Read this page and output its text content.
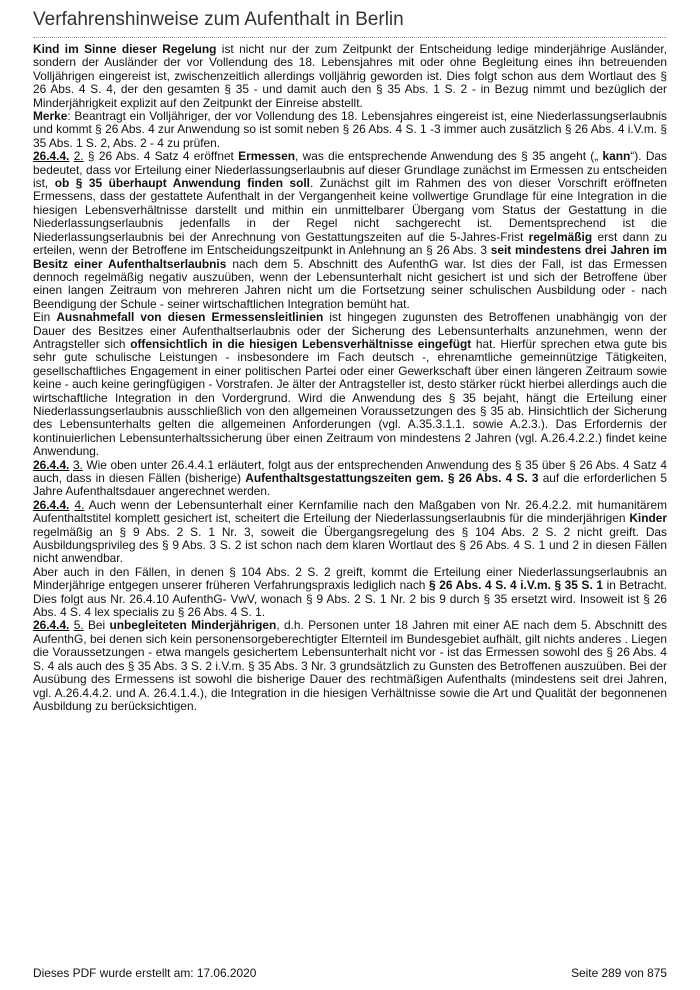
Verfahrenshinweise zum Aufenthalt in Berlin

Kind im Sinne dieser Regelung ist nicht nur der zum Zeitpunkt der Entscheidung ledige minderjährige Ausländer, sondern der Ausländer der vor Vollendung des 18. Lebensjahres mit oder ohne Begleitung eines ihn betreuenden Volljährigen eingereist ist, zwischenzeitlich allerdings volljährig geworden ist. Dies folgt schon aus dem Wortlaut des § 26 Abs. 4 S. 4, der den gesamten § 35 - und damit auch den § 35 Abs. 1 S. 2 - in Bezug nimmt und bezüglich der Minderjährigkeit explizit auf den Zeitpunkt der Einreise abstellt.

Merke: Beantragt ein Volljähriger, der vor Vollendung des 18. Lebensjahres eingereist ist, eine Niederlassungserlaubnis und kommt § 26 Abs. 4 zur Anwendung so ist somit neben § 26 Abs. 4 S. 1 -3 immer auch zusätzlich § 26 Abs. 4 i.V.m. § 35 Abs. 1 S. 2, Abs. 2 - 4 zu prüfen.

26.4.4. 2. § 26 Abs. 4 Satz 4 eröffnet Ermessen, was die entsprechende Anwendung des § 35 angeht („ kann“). Das bedeutet, dass vor Erteilung einer Niederlassungserlaubnis auf dieser Grundlage zunächst im Ermessen zu entscheiden ist, ob § 35 überhaupt Anwendung finden soll. Zunächst gilt im Rahmen des von dieser Vorschrift eröffneten Ermessens, dass der gestattete Aufenthalt in der Vergangenheit keine vollwertige Grundlage für eine Integration in die hiesigen Lebensverhältnisse darstellt und mithin ein unmittelbarer Übergang vom Status der Gestattung in die Niederlassungserlaubnis jedenfalls in der Regel nicht sachgerecht ist. Dementsprechend ist die Niederlassungserlaubnis bei der Anrechnung von Gestattungszeiten auf die 5-Jahres-Frist regelmäßig erst dann zu erteilen, wenn der Betroffene im Entscheidungszeitpunkt in Anlehnung an § 26 Abs. 3 seit mindestens drei Jahren im Besitz einer Aufenthaltserlaubnis nach dem 5. Abschnitt des AufenthG war. Ist dies der Fall, ist das Ermessen dennoch regelmäßig negativ auszuüben, wenn der Lebensunterhalt nicht gesichert ist und sich der Betroffene über einen langen Zeitraum von mehreren Jahren nicht um die Fortsetzung seiner schulischen Ausbildung oder - nach Beendigung der Schule - seiner wirtschaftlichen Integration bemüht hat.

Ein Ausnahmefall von diesen Ermessensleitlinien ist hingegen zugunsten des Betroffenen unabhängig von der Dauer des Besitzes einer Aufenthaltserlaubnis oder der Sicherung des Lebensunterhalts anzunehmen, wenn der Antragsteller sich offensichtlich in die hiesigen Lebensverhältnisse eingefügt hat. Hierfür sprechen etwa gute bis sehr gute schulische Leistungen - insbesondere im Fach deutsch -, ehrenamtliche gemeinnützige Tätigkeiten, gesellschaftliches Engagement in einer politischen Partei oder einer Gewerkschaft über einen längeren Zeitraum sowie keine - auch keine geringfügigen - Vorstrafen. Je älter der Antragsteller ist, desto stärker rückt hierbei allerdings auch die wirtschaftliche Integration in den Vordergrund. Wird die Anwendung des § 35 bejaht, hängt die Erteilung einer Niederlassungserlaubnis ausschließlich von den allgemeinen Voraussetzungen des § 35 ab. Hinsichtlich der Sicherung des Lebensunterhalts gelten die allgemeinen Anforderungen (vgl. A.35.3.1.1. sowie A.2.3.). Das Erfordernis der kontinuierlichen Lebensunterhaltssicherung über einen Zeitraum von mindestens 2 Jahren (vgl. A.26.4.2.2.) findet keine Anwendung.

26.4.4. 3. Wie oben unter 26.4.4.1 erläutert, folgt aus der entsprechenden Anwendung des § 35 über § 26 Abs. 4 Satz 4 auch, dass in diesen Fällen (bisherige) Aufenthaltsgestattungszeiten gem. § 26 Abs. 4 S. 3 auf die erforderlichen 5 Jahre Aufenthaltsdauer angerechnet werden.

26.4.4. 4. Auch wenn der Lebensunterhalt einer Kernfamilie nach den Maßgaben von Nr. 26.4.2.2. mit humanitärem Aufenthaltstitel komplett gesichert ist, scheitert die Erteilung der Niederlassungserlaubnis für die minderjährigen Kinder regelmäßig an § 9 Abs. 2 S. 1 Nr. 3, soweit die Übergangsregelung des § 104 Abs. 2 S. 2 nicht greift. Das Ausbildungsprivileg des § 9 Abs. 3 S. 2 ist schon nach dem klaren Wortlaut des § 26 Abs. 4 S. 1 und 2 in diesen Fällen nicht anwendbar.

Aber auch in den Fällen, in denen § 104 Abs. 2 S. 2 greift, kommt die Erteilung einer Niederlassungserlaubnis an Minderjährige entgegen unserer früheren Verfahrungspraxis lediglich nach § 26 Abs. 4 S. 4 i.V.m. § 35 S. 1 in Betracht. Dies folgt aus Nr. 26.4.10 AufenthG- VwV, wonach § 9 Abs. 2 S. 1 Nr. 2 bis 9 durch § 35 ersetzt wird. Insoweit ist § 26 Abs. 4 S. 4 lex specialis zu § 26 Abs. 4 S. 1.

26.4.4. 5. Bei unbegleiteten Minderjährigen, d.h. Personen unter 18 Jahren mit einer AE nach dem 5. Abschnitt des AufenthG, bei denen sich kein personensorgeberechtigter Elternteil im Bundesgebiet aufhält, gilt nichts anderes . Liegen die Voraussetzungen - etwa mangels gesichertem Lebensunterhalt nicht vor - ist das Ermessen sowohl des § 26 Abs. 4 S. 4 als auch des § 35 Abs. 3 S. 2 i.V.m. § 35 Abs. 3 Nr. 3 grundsätzlich zu Gunsten des Betroffenen auszuüben. Bei der Ausübung des Ermessens ist sowohl die bisherige Dauer des rechtmäßigen Aufenthalts (mindestens seit drei Jahren, vgl. A.26.4.4.2. und A. 26.4.1.4.), die Integration in die hiesigen Verhältnisse sowie die Art und Qualität der begonnenen Ausbildung zu berücksichtigen.

Dieses PDF wurde erstellt am: 17.06.2020	Seite 289 von 875
